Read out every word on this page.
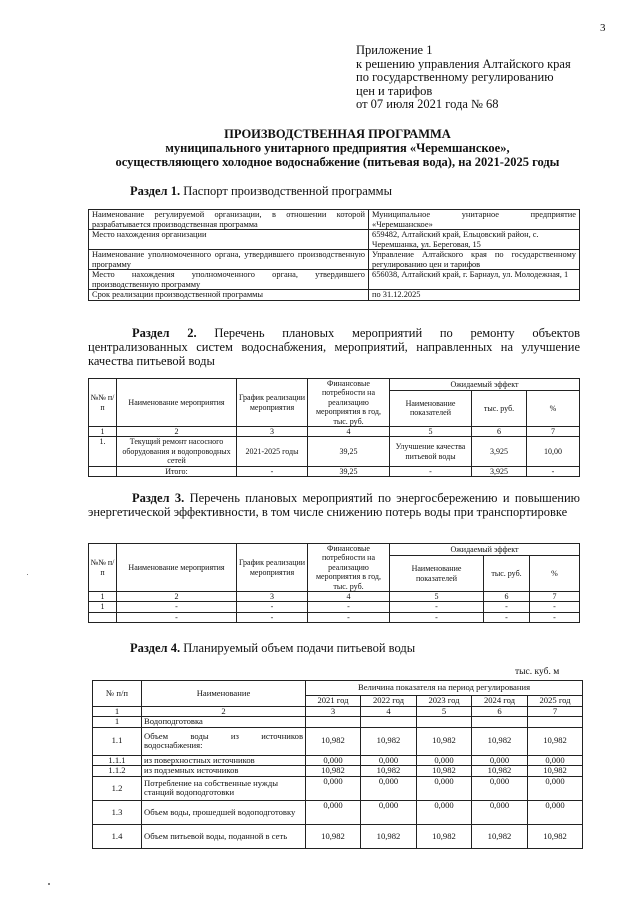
3
Приложение 1
к решению управления Алтайского края
по государственному регулированию
цен и тарифов
от 07 июля 2021 года № 68
ПРОИЗВОДСТВЕННАЯ ПРОГРАММА
муниципального унитарного предприятия «Черемшанское»,
осуществляющего холодное водоснабжение (питьевая вода), на 2021-2025 годы
Раздел 1. Паспорт производственной программы
Наименование регулируемой организации, в отношении которой разрабатывается производственная программа	Муниципальное унитарное предприятие «Черемшанское»
Место нахождения организации	659482, Алтайский край, Ельцовский район, с. Черемшанка, ул. Береговая, 15
Наименование уполномоченного органа, утвердившего производственную программу	Управление Алтайского края по государственному регулированию цен и тарифов
Место нахождения уполномоченного органа, утвердившего производственную программу	656038, Алтайский край, г. Барнаул, ул. Молодежная, 1
Срок реализации производственной программы	по 31.12.2025
Раздел 2. Перечень плановых мероприятий по ремонту объектов централизованных систем водоснабжения, мероприятий, направленных на улучшение качества питьевой воды
№№ п/п	Наименование мероприятия	График реализации мероприятия	Финансовые потребности на реализацию мероприятия в год, тыс. руб.	Ожидаемый эффект		
				Наименование показателей	тыс. руб.	%
1	2	3	4	5	6	7
1.	Текущий ремонт насосного оборудования и водопроводных сетей	2021-2025 годы	39,25	Улучшение качества питьевой воды	3,925	10,00
	Итого:	-	39,25	-	3,925	-
Раздел 3. Перечень плановых мероприятий по энергосбережению и повышению энергетической эффективности, в том числе снижению потерь воды при транспортировке
№№ п/п	Наименование мероприятия	График реализации мероприятия	Финансовые потребности на реализацию мероприятия в год, тыс. руб.	Ожидаемый эффект		
				Наименование показателей	тыс. руб.	%
1	2	3	4	5	6	7
1	-	-	-	-	-	-
	-	-	-	-	-	-
Раздел 4. Планируемый объем подачи питьевой воды
тыс. куб. м
№ п/п	Наименование	Величина показателя на период регулирования				
		2021 год	2022 год	2023 год	2024 год	2025 год
1	2	3	4	5	6	7
1	Водоподготовка					
1.1	Объем воды из источников водоснабжения:	10,982	10,982	10,982	10,982	10,982
1.1.1	из поверхностных источников	0,000	0,000	0,000	0,000	0,000
1.1.2	из подземных источников	10,982	10,982	10,982	10,982	10,982
1.2	Потребление на собственные нужды станций водоподготовки	0,000	0,000	0,000	0,000	0,000
1.3	Объем воды, прошедшей водоподготовку	0,000	0,000	0,000	0,000	0,000
1.4	Объем питьевой воды, поданной в сеть	10,982	10,982	10,982	10,982	10,982
